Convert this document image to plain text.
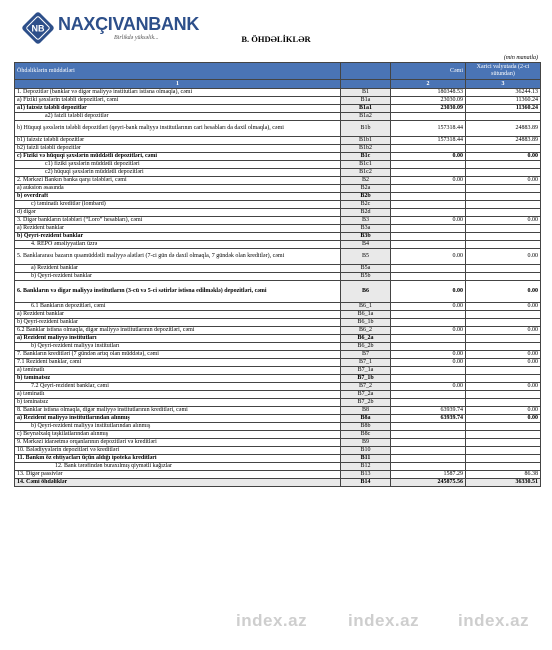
NB NAXÇIVANBANK
Birlikdə yüksəlik...	B. ÖHDƏLİKLƏR
(min manatla)
Öhdəliklərin müddətləri		Cəmi	Xarici valyutada (2-ci sütundan)
1		2	3
1. Depozitlər (banklar və digər maliyyə institutları istisna olmaqla), cəmi	B1	180348.53	36244.13
a) Fiziki şəxslərin tələbli depozitləri, cəmi	B1a	23030.09	11360.24
a1) faizsiz tələbli depozitlər	B1a1	23030.09	11360.24
a2) faizli tələbli depozitlər	B1a2		
b) Hüquqi şəxslərin tələbli depozitləri (qeyri-bank maliyyə institutlarının cari hesabları da daxil olmaqla), cəmi	B1b	157318.44	24883.89
b1) faizsiz tələbli depozitlər	B1b1	157318.44	24883.89
b2) faizli tələbli depozitlər	B1b2		
c) Fiziki və hüquqi şəxslərin müddətli depozitləri, cəmi	B1c	0.00	0.00
c1) fiziki şəxslərin müddətli depozitləri	B1c1		
c2) hüquqi şəxslərin müddətli depozitləri	B1c2		
2. Mərkəzi Bankın banka qarşı tələbləri, cəmi	B2	0.00	0.00
a) auksion əsasında	B2a		
b) overdraft	B2b		
c) təminatlı kreditlər (lombard)	B2c		
d) digər	B2d		
3. Digər bankların tələbləri (“Loro” hesabları), cəmi	B3	0.00	0.00
a) Rezident banklar	B3a		
b) Qeyri-rezident banklar	B3b		
4. REPO əməliyyatları üzrə	B4		
5. Banklararası bazarın qısamüddətli maliyyə alətləri (7-ci gün də daxil olmaqla, 7 gündək olan kreditlər), cəmi	B5	0.00	0.00
a) Rezident banklar	B5a		
b) Qeyri-rezident banklar	B5b		
6. Bankların və digər maliyyə institutların (3-cü və 5-ci sətirlər istisna edilməklə) depozitləri, cəmi	B6	0.00	0.00
6.1 Bankların depozitləri, cəmi	B6_1	0.00	0.00
a) Rezident banklar	B6_1a		
b) Qeyri-rezident banklar	B6_1b		
6.2 Banklar istisna olmaqla, digər maliyyə institutlarının depozitləri, cəmi	B6_2	0.00	0.00
a) Rezident maliyyə institutları	B6_2a		
b) Qeyri-rezident maliyyə institutları	B6_2b		
7. Bankların kreditləri (7 gündən artıq olan müddətə), cəmi	B7	0.00	0.00
7.1 Rezident banklar, cəmi	B7_1	0.00	0.00
a) təminatlı	B7_1a		
b) təminatsız	B7_1b		
7.2 Qeyri-rezident banklar, cəmi	B7_2	0.00	0.00
a) təminatlı	B7_2a		
b) təminatsız	B7_2b		
8. Banklar istisna olmaqla, digər maliyyə institutlarının kreditləri, cəmi	B8	63939.74	0.00
a) Rezident maliyyə institutlarından alınmış	B8a	63939.74	0.00
b) Qeyri-rezident maliyyə institutlarından alınmış	B8b		
c) Beynəlxalq təşkilatlarından alınmış	B8c		
9. Mərkəzi idarəetmə orqanlarının depozitləri və kreditləri	B9		
10. Bələdiyyələrin depozitləri və kreditləri	B10		
11. Bankın öz ehtiyacları üçün aldığı ipoteka kreditləri	B11		
12. Bank tərəfindən buraxılmış qiymətli kağızlar	B12		
13. Digər passivlər	B13	1587.29	86.38
14. Cəmi öhdəliklər	B14	245875.56	36330.51
index.az index.az index.az
